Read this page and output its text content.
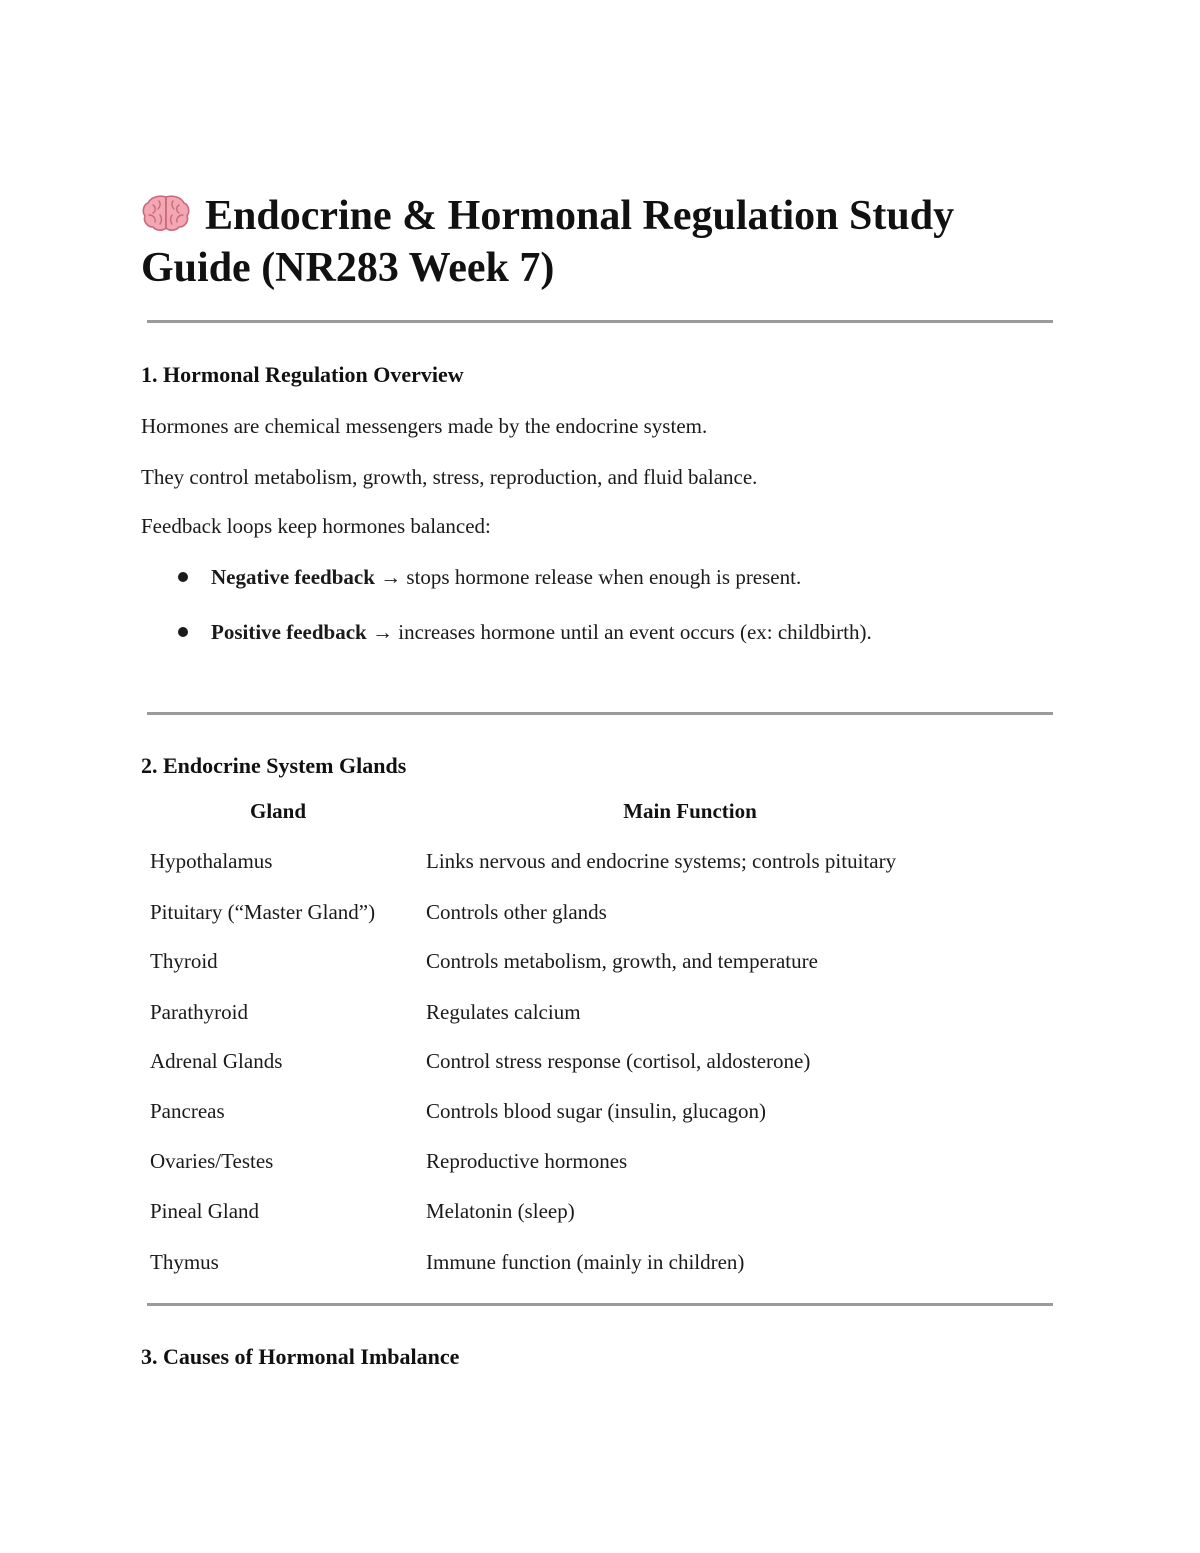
Endocrine & Hormonal Regulation Study Guide (NR283 Week 7)
1. Hormonal Regulation Overview

Hormones are chemical messengers made by the endocrine system.

They control metabolism, growth, stress, reproduction, and fluid balance.

Feedback loops keep hormones balanced:

Negative feedback → stops hormone release when enough is present.
Positive feedback → increases hormone until an event occurs (ex: childbirth).
2. Endocrine System Glands
Gland	Main Function
Hypothalamus	Links nervous and endocrine systems; controls pituitary
Pituitary (“Master Gland”) Controls other glands
Thyroid	Controls metabolism, growth, and temperature
Parathyroid	Regulates calcium
Adrenal Glands	Control stress response (cortisol, aldosterone)
Pancreas	Controls blood sugar (insulin, glucagon)
Ovaries/Testes	Reproductive hormones
Pineal Gland	Melatonin (sleep)
Thymus	Immune function (mainly in children)
3. Causes of Hormonal Imbalance
